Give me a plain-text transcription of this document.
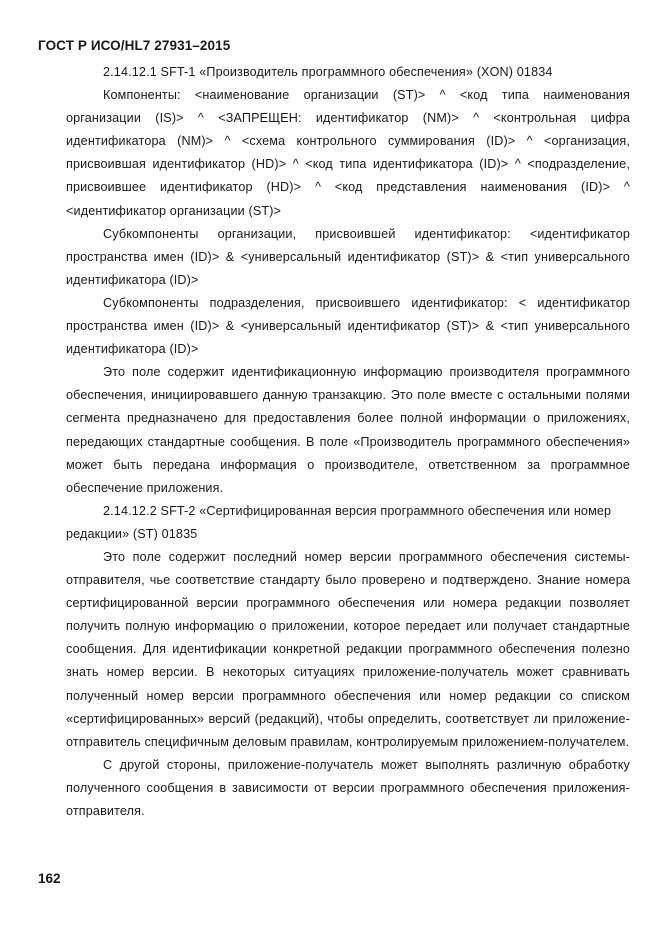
ГОСТ Р ИСО/HL7 27931–2015

2.14.12.1 SFT-1 «Производитель программного обеспечения» (XON) 01834

Компоненты: <наименование организации (ST)> ^ <код типа наименования организации (IS)> ^ <ЗАПРЕЩЕН: идентификатор (NM)> ^ <контрольная цифра идентификатора (NM)> ^ <схема контрольного суммирования (ID)> ^ <организация, присвоившая идентификатор (HD)> ^ <код типа идентификатора (ID)> ^ <подразделение, присвоившее идентификатор (HD)> ^ <код представления наименования (ID)> ^ <идентификатор организации (ST)>

Субкомпоненты организации, присвоившей идентификатор: <идентификатор пространства имен (ID)> & <универсальный идентификатор (ST)> & <тип универсального идентификатора (ID)>

Субкомпоненты подразделения, присвоившего идентификатор: < идентификатор пространства имен (ID)> & <универсальный идентификатор (ST)> & <тип универсального идентификатора (ID)>

Это поле содержит идентификационную информацию производителя программного обеспечения, инициировавшего данную транзакцию. Это поле вместе с остальными полями сегмента предназначено для предоставления более полной информации о приложениях, передающих стандартные сообщения. В поле «Производитель программного обеспечения» может быть передана информация о производителе, ответственном за программное обеспечение приложения.

2.14.12.2 SFT-2 «Сертифицированная версия программного обеспечения или номер редакции» (ST) 01835

Это поле содержит последний номер версии программного обеспечения системы-отправителя, чье соответствие стандарту было проверено и подтверждено. Знание номера сертифицированной версии программного обеспечения или номера редакции позволяет получить полную информацию о приложении, которое передает или получает стандартные сообщения. Для идентификации конкретной редакции программного обеспечения полезно знать номер версии. В некоторых ситуациях приложение-получатель может сравнивать полученный номер версии программного обеспечения или номер редакции со списком «сертифицированных» версий (редакций), чтобы определить, соответствует ли приложение-отправитель специфичным деловым правилам, контролируемым приложением-получателем.

С другой стороны, приложение-получатель может выполнять различную обработку полученного сообщения в зависимости от версии программного обеспечения приложения-отправителя.

162
